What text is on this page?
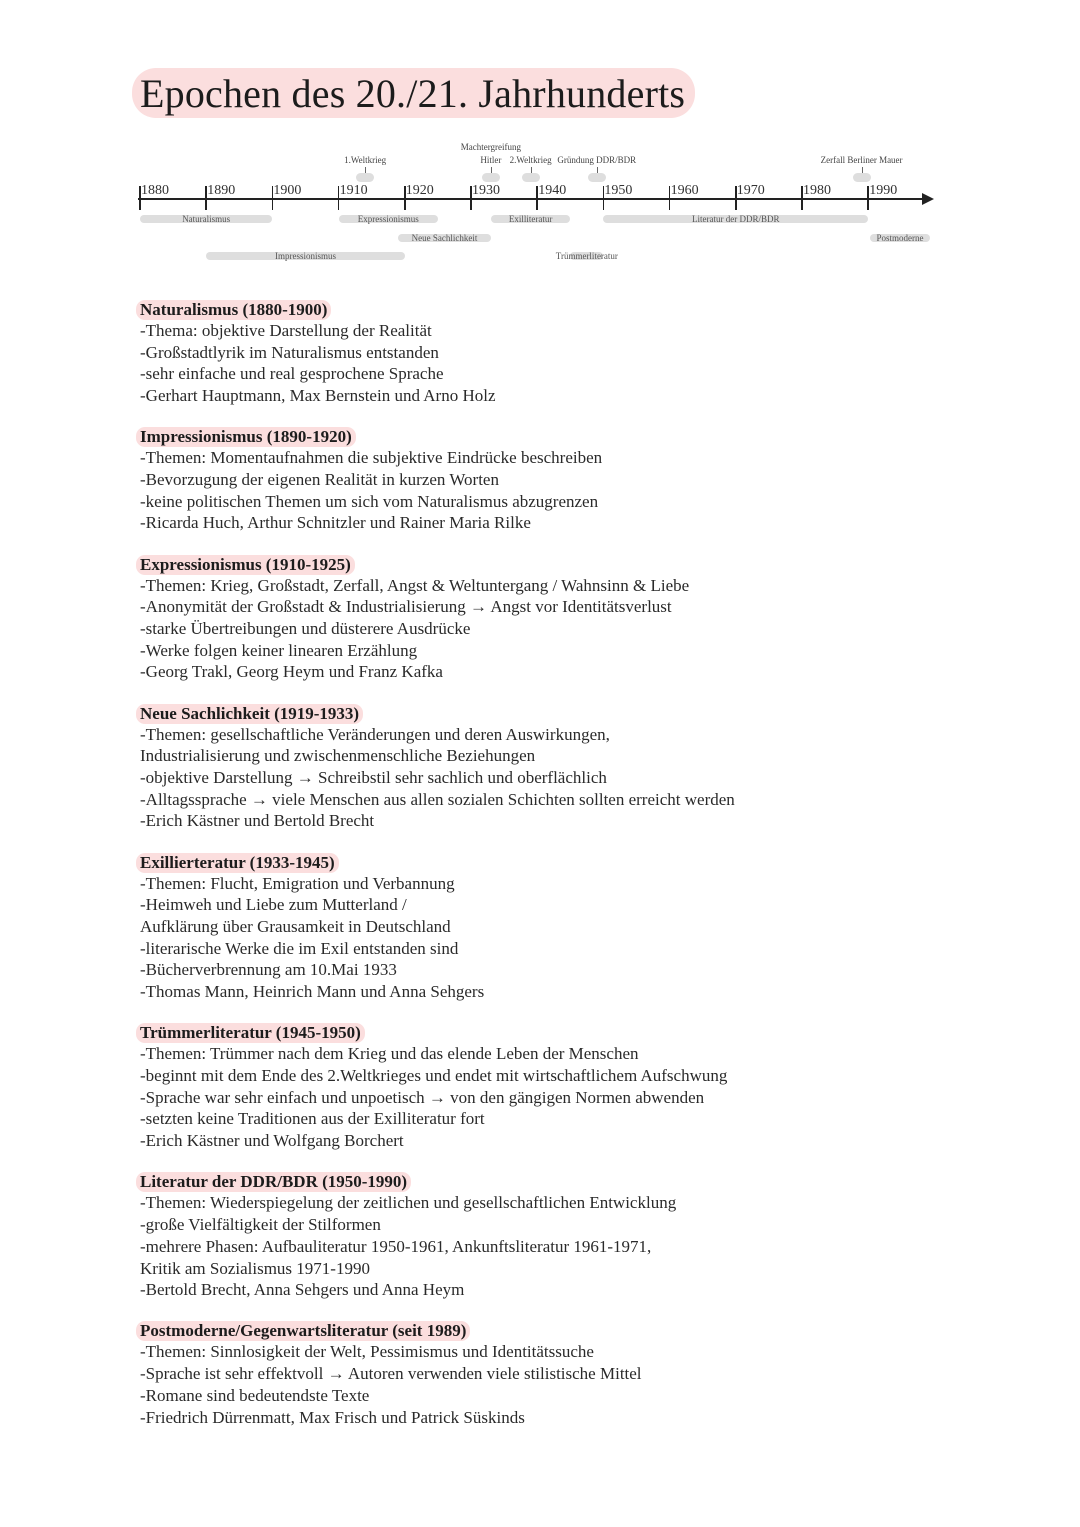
Epochen des 20./21. Jahrhunderts
1880	1890	1900	1910	1920	1930	1940	1950	1960	1970	1980	1990
Naturalismus
Impressionismus
Expressionismus
Neue Sachlichkeit
Exilliteratur
Trümmerliteratur
Literatur der DDR/BDR
Postmoderne
1.Weltkrieg
Machtergreifung
Hitler 2.Weltkrieg Gründung DDR/BDR	Zerfall Berliner Mauer
Naturalismus (1880-1900)
-Thema: objektive Darstellung der Realität
-Großstadtlyrik im Naturalismus entstanden
-sehr einfache und real gesprochene Sprache
-Gerhart Hauptmann, Max Bernstein und Arno Holz
Impressionismus (1890-1920)
-Themen: Momentaufnahmen die subjektive Eindrücke beschreiben
-Bevorzugung der eigenen Realität in kurzen Worten
-keine politischen Themen um sich vom Naturalismus abzugrenzen
-Ricarda Huch, Arthur Schnitzler und Rainer Maria Rilke
Expressionismus (1910-1925)
-Themen: Krieg, Großstadt, Zerfall, Angst & Weltuntergang / Wahnsinn & Liebe
-Anonymität der Großstadt & Industrialisierung → Angst vor Identitätsverlust
-starke Übertreibungen und düsterere Ausdrücke
-Werke folgen keiner linearen Erzählung
-Georg Trakl, Georg Heym und Franz Kafka
Neue Sachlichkeit (1919-1933)
-Themen: gesellschaftliche Veränderungen und deren Auswirkungen,
Industrialisierung und zwischenmenschliche Beziehungen
-objektive Darstellung → Schreibstil sehr sachlich und oberflächlich
-Alltagssprache → viele Menschen aus allen sozialen Schichten sollten erreicht werden
-Erich Kästner und Bertold Brecht
Exillierteratur (1933-1945)
-Themen: Flucht, Emigration und Verbannung
-Heimweh und Liebe zum Mutterland /
Aufklärung über Grausamkeit in Deutschland
-literarische Werke die im Exil entstanden sind
-Bücherverbrennung am 10.Mai 1933
-Thomas Mann, Heinrich Mann und Anna Sehgers
Trümmerliteratur (1945-1950)
-Themen: Trümmer nach dem Krieg und das elende Leben der Menschen
-beginnt mit dem Ende des 2.Weltkrieges und endet mit wirtschaftlichem Aufschwung
-Sprache war sehr einfach und unpoetisch → von den gängigen Normen abwenden
-setzten keine Traditionen aus der Exilliteratur fort
-Erich Kästner und Wolfgang Borchert
Literatur der DDR/BDR (1950-1990)
-Themen: Wiederspiegelung der zeitlichen und gesellschaftlichen Entwicklung
-große Vielfältigkeit der Stilformen
-mehrere Phasen: Aufbauliteratur 1950-1961, Ankunftsliteratur 1961-1971,
Kritik am Sozialismus 1971-1990
-Bertold Brecht, Anna Sehgers und Anna Heym
Postmoderne/Gegenwartsliteratur (seit 1989)
-Themen: Sinnlosigkeit der Welt, Pessimismus und Identitätssuche
-Sprache ist sehr effektvoll → Autoren verwenden viele stilistische Mittel
-Romane sind bedeutendste Texte
-Friedrich Dürrenmatt, Max Frisch und Patrick Süskinds
